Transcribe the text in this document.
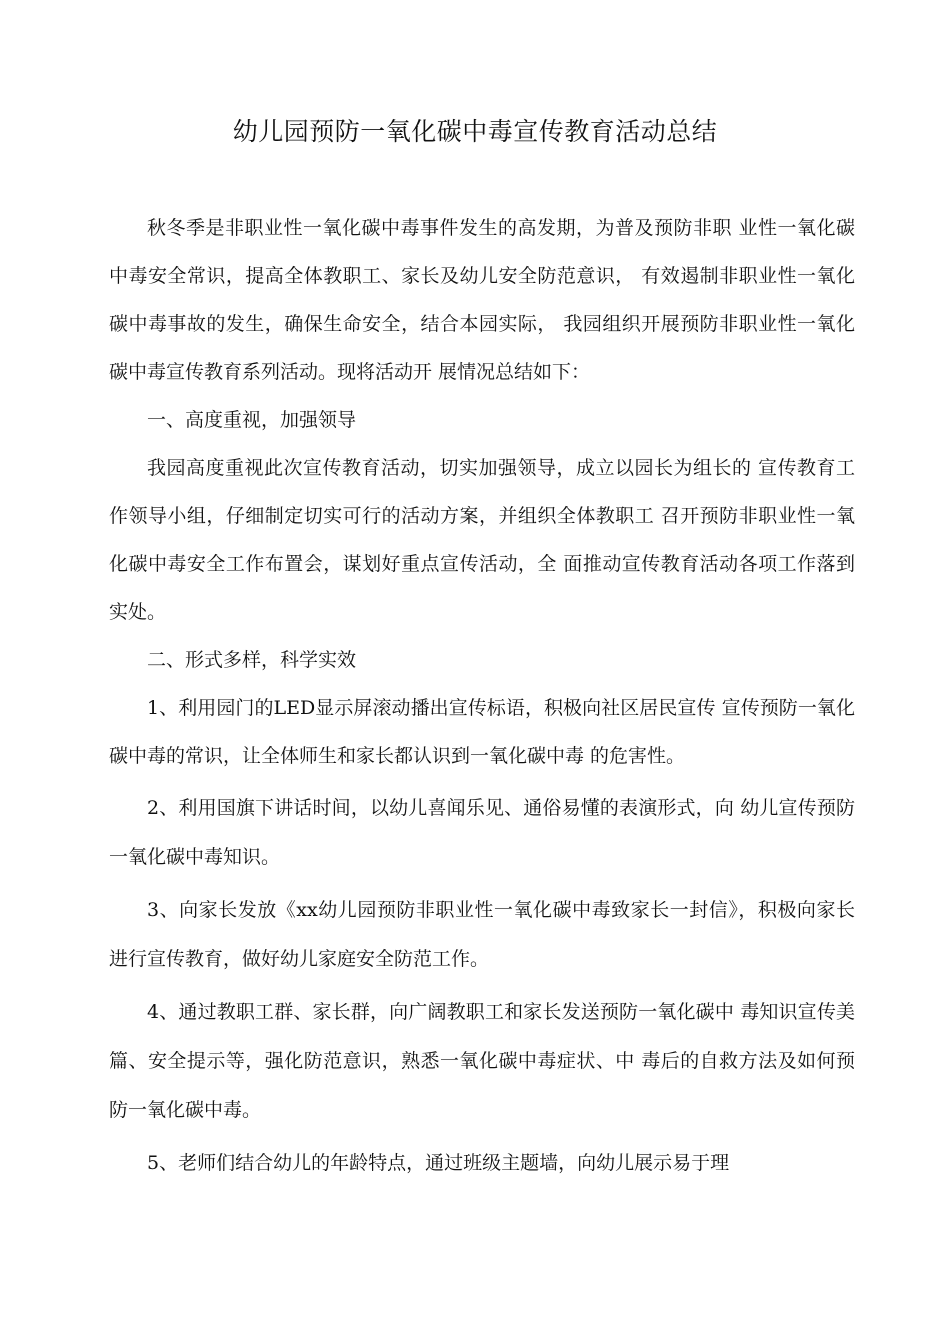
幼儿园预防一氧化碳中毒宣传教育活动总结

秋冬季是非职业性一氧化碳中毒事件发生的高发期，为普及预防非职 业性一氧化碳中毒安全常识，提高全体教职工、家长及幼儿安全防范意识， 有效遏制非职业性一氧化碳中毒事故的发生，确保生命安全，结合本园实际， 我园组织开展预防非职业性一氧化碳中毒宣传教育系列活动。现将活动开 展情况总结如下：

一、高度重视，加强领导

我园高度重视此次宣传教育活动，切实加强领导，成立以园长为组长的 宣传教育工作领导小组，仔细制定切实可行的活动方案，并组织全体教职工 召开预防非职业性一氧化碳中毒安全工作布置会，谋划好重点宣传活动，全 面推动宣传教育活动各项工作落到实处。

二、形式多样，科学实效

1、利用园门的LED显示屏滚动播出宣传标语，积极向社区居民宣传 宣传预防一氧化碳中毒的常识，让全体师生和家长都认识到一氧化碳中毒 的危害性。

2、利用国旗下讲话时间，以幼儿喜闻乐见、通俗易懂的表演形式，向 幼儿宣传预防一氧化碳中毒知识。

3、向家长发放《xx幼儿园预防非职业性一氧化碳中毒致家长一封信》，积极向家长进行宣传教育，做好幼儿家庭安全防范工作。

4、通过教职工群、家长群，向广阔教职工和家长发送预防一氧化碳中 毒知识宣传美篇、安全提示等，强化防范意识，熟悉一氧化碳中毒症状、中 毒后的自救方法及如何预防一氧化碳中毒。

5、老师们结合幼儿的年龄特点，通过班级主题墙，向幼儿展示易于理
